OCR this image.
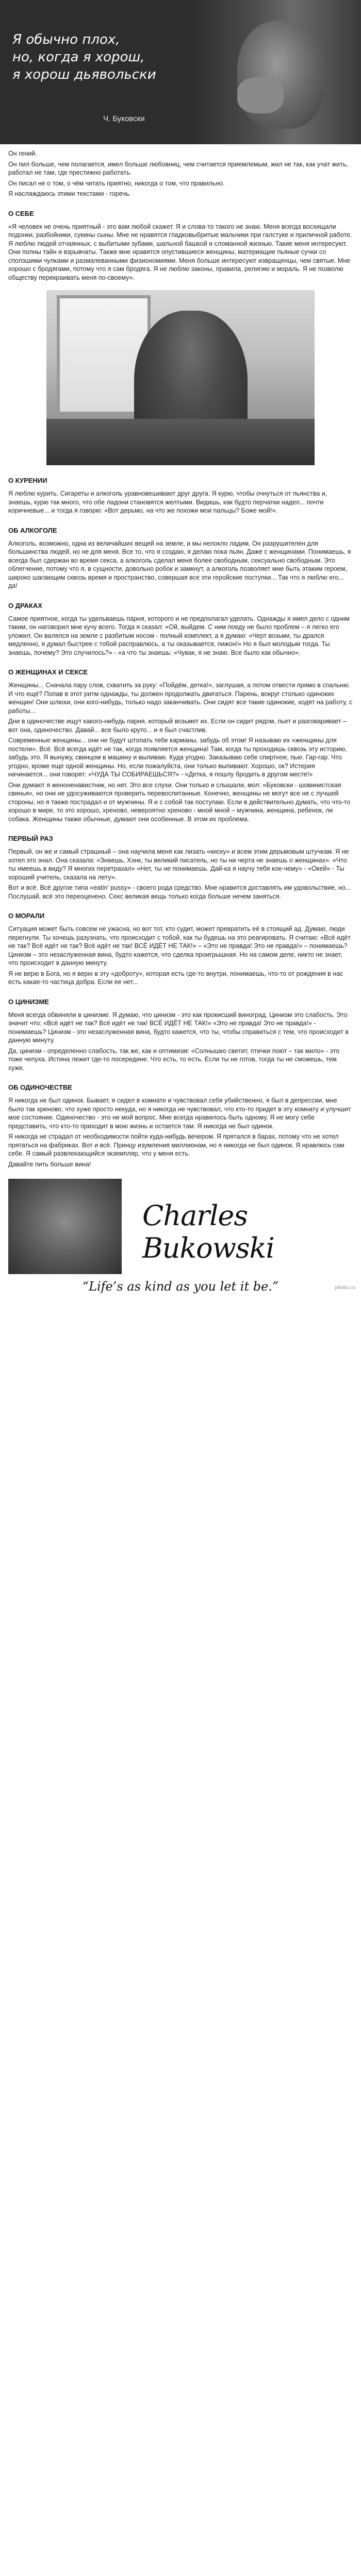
Я обычно плох,
но, когда я хорош,
я хорош дьявольски
Ч. Буковски

Он гений.

Он пил больше, чем полагается, имел больше любовниц, чем считается приемлемым, жил не так, как учат жить, работал не там, где престижно работать.

Он писал не о том, о чём читать приятно, никогда о том, что правильно.

Я наслаждаюсь этими текстами - горечь.

О СЕБЕ

«Я человек не очень приятный - это вам любой скажет. Я и слова-то такого не знаю. Меня всегда восхищали подонки, разбойники, сукины сыны. Мне не нравятся гладковыбритые мальчики при галстуке и приличной работе. Я люблю людей отчаянных, с выбитыми зубами, шальной башкой и сломанной жизнью. Такие меня интересуют. Они полны тайн и взрывчаты. Также мне нравятся опустившиеся женщины, материащие пьяные сучки со сползшими чулками и размалеванными физиономиями. Меня больше интересуют извращенцы, чем святые. Мне хорошо с бродягами, потому что я сам бродяга. Я не люблю законы, правила, религию и мораль. Я не позволю обществу перекраивать меня по-своему».

О КУРЕНИИ

Я люблю курить. Сигареты и алкоголь уравновешивают друг друга. Я курю, чтобы очнуться от пьянства и, знаешь, курю так много, что обе ладони становятся желтыми. Видишь, как будто перчатки надел... почти коричневые... и тогда я говорю: «Вот дерьмо, на что же похожи мои пальцы? Боже мой!».

ОБ АЛКОГОЛЕ

Алкоголь, возможно, одна из величайших вещей на земле, и мы нелокло ладим. Он разрушителен для большинства людей, но не для меня. Все то, что я создаю, я делаю пока пьян. Даже с женщинами. Понимаешь, я всегда был сдержан во время секса, а алкоголь сделал меня более свободным, сексуально свободным. Это облегчение, потому что я, в сущности, довольно робок и замкнут, а алкоголь позволяет мне быть этаким героем, широко шагающим сквозь время и пространство, совершая все эти геройские поступки... Так что я люблю его... да!

О ДРАКАХ

Самое приятное, когда ты удельваешь парня, которого и не предполагал уделать. Однажды я имел дело с одним таким, он наговорил мне кучу всего. Тогда я сказал: «Ой, выйдем. С ним поеду не было проблем – я легко его уложил. Он валялся на земле с разбитым носом - полный комплект, а я думаю: «Черт возьми, ты дрался медленно, я думал быстрее с тобой расправлюсь, а ты оказывается, пижон!» Но я был молодым тогда. Ты знаешь, почему? Это случилось?» - «а что ты знаешь: «Чувак, я не знаю. Все было как обычно».

О ЖЕНЩИНАХ И СЕКСЕ

Женщины... Сначала пару слов, схватить за руку: «Пойдём, детка!», заглушая, а потом отвести прямо в спальню. И что ещё? Попав в этот ритм однажды, ты должен продолжать двигаться. Парень, вокруг столько одиноких женщин! Они шлюхи, они кого-нибудь, только надо заканчивать. Они сидят все такие одинокие, ходят на работу, с работы...

Дни в одиночестве ищут какого-нибудь парня, который возьмет их. Если он сидит рядом, пьет и разговаривает – вот она, одиночество. Давай... все было круто... и я был счастлив.

Современные женщины... они не будут штопать тебе карманы, забудь об этом! Я называю их «женщины для постели». Всё. Всё всегда идёт не так, когда появляется женщина! Там, когда ты проходишь сквозь эту историю, забудь это. Я вынужу, свинцом в машину и выливаю. Куда угодно. Заказываю себе спиртное, пью. Гар-гар. Что угодно, кроме еще одной женщины. Но, если пожалуйста, они только выпивают. Хорошо, ок? Истерия начинается... они говорят: «ЧУДА ТЫ СОБИРАЕШЬСЯ?» - «Детка, я пошлу бродить в другом месте!»

Они думают я женоненавистник, но нет. Это все слухи. Они только и слышали, мол: «Буковски - шовинистская свинья», но они не удосуживаются проверить перевоспитанные. Конечно, женщины не могут все не с лучшей стороны, но я также пострадал и от мужчины. Я и с собой так поступаю. Если в действительно думать, что что-то хорошо в мире, то это хорошо, хреново, невероятно хреново - мной мной – мужчина, женщина, ребенок, ли собака. Женщины также обычные, думают они особенные. В этом их проблема.

ПЕРВЫЙ РАЗ

Первый, он же и самый страшный – она научила меня как лизать «киску» и всем этим дерьмовым штучкам. Я не хотел это знал. Она сказала: «Знаешь, Хэнк, ты великий писатель, но ты ни черта не знаешь о женщинах». «Что ты имеешь в виду? Я многих перетрахал» «Нет, ты не понимаешь. Дай-ка я научу тебя кое-чему» - «Окей» - Ты хороший учитель, сказала на лету».

Вот и всё. Всё другое типа «eatin’ pussy» - своего рода средство. Мне нравится доставлять им удовольствие, но... Послушай, всё это переоценено. Секс великая вещь только когда больше нечем заняться.

О МОРАЛИ

Ситуация может быть совсем не ужасна, но вот тот, кто судит, может превратить её в стоящий ад. Думаю, люди перегнули. Ты хочешь разузнать, что происходит с тобой, как ты будешь на это реагировать. Я считаю: «Всё идёт не так? Всё идёт не так? Всё идёт не так! ВСЁ ИДЁТ НЕ ТАК!» – «Это не правда! Это не правда!» – понимаешь? Цинизм – это незаслуженная вина, будто кажется, что сделка проигрышная. Но на самом деле, никто не знает, что происходит в данную минуту.

Я не верю в Бога, но я верю в эту «доброту», которая есть где-то внутри, понимаешь, что-то от рождения в нас есть какая-то частица добра. Если ее нет...

О ЦИНИЗМЕ

Меня всегда обвиняли в цинизме. Я думаю, что цинизм - это как прокисший виноград. Цинизм это слабость. Это значит что: «Всё идёт не так? Всё идёт не так! ВСЁ ИДЁТ НЕ ТАК!» «Это не правда! Это не правда!» - понимаешь? Цинизм - это незаслуженная вина, будто кажется, что ты, чтобы справиться с тем, что происходит в данную минуту.

Да, цинизм - определенно слабость, так же, как и оптимизм: «Солнышко светит, птички поют – так мило» - это тоже чепуха. Истина лежит где-то посередине. Что есть, то есть. Если ты не готов, тогда ты не сможешь, тем хуже.

ОБ ОДИНОЧЕСТВЕ

Я никогда не был одинок. Бывает, я сидел в комнате и чувствовал себя убийственно, я был в депрессии, мне было так хреново, что хуже просто некуда, но я никогда не чувствовал, что кто-то придет в эту комнату и улучшит мое состояние. Одиночество - это не мой вопрос. Мне всегда нравилось быть одному. Я не могу себе представить, что кто-то приходит в мою жизнь и остается там. Я никогда не был одинок.

Я никогда не страдал от необходимости пойти куда-нибудь вечером. Я прятался в барах, потому что не хотел прятаться на фабриках. Вот и всё. Принцу изумления миллионам, но я никогда не был одинок. Я нравлюсь сам себе. Я самый развлекающийся экземпляр, что у меня есть.

Давайте пить больше вина!

Charles Bukowski

“Life’s as kind as you let it be.”	pikabu.ru
